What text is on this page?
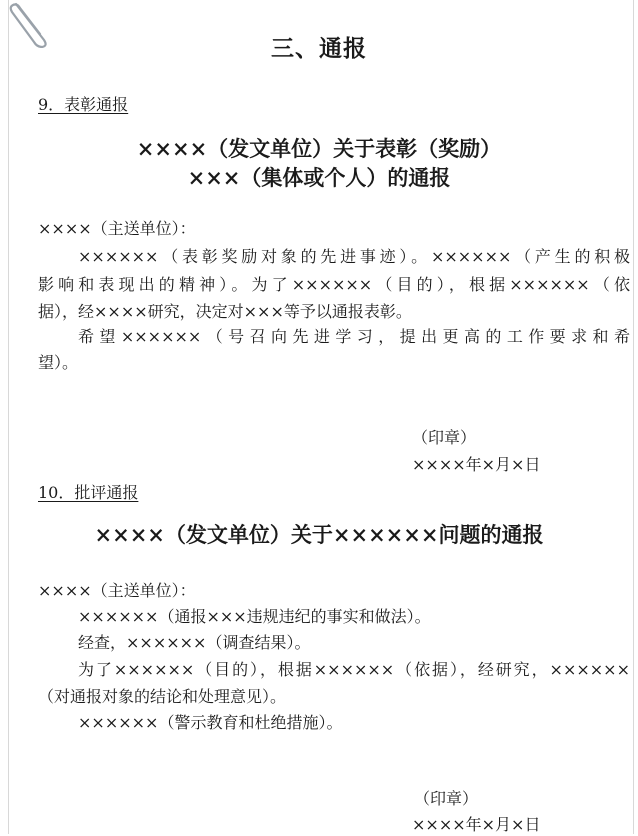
三、通报
9．表彰通报
××××（发文单位）关于表彰（奖励）
×××（集体或个人）的通报
××××（主送单位）：
××××××（表彰奖励对象的先进事迹）。××××××（产生的积极
影响和表现出的精神）。为了××××××（目的），根据××××××（依
据），经××××研究，决定对×××等予以通报表彰。
希望××××××（号召向先进学习，提出更高的工作要求和希
望）。
（印章）
××××年×月×日
10．批评通报
××××（发文单位）关于××××××问题的通报
××××（主送单位）：
××××××（通报×××违规违纪的事实和做法）。
经查，××××××（调查结果）。
为了××××××（目的），根据××××××（依据），经研究，××××××
（对通报对象的结论和处理意见）。
××××××（警示教育和杜绝措施）。
（印章）
××××年×月×日
